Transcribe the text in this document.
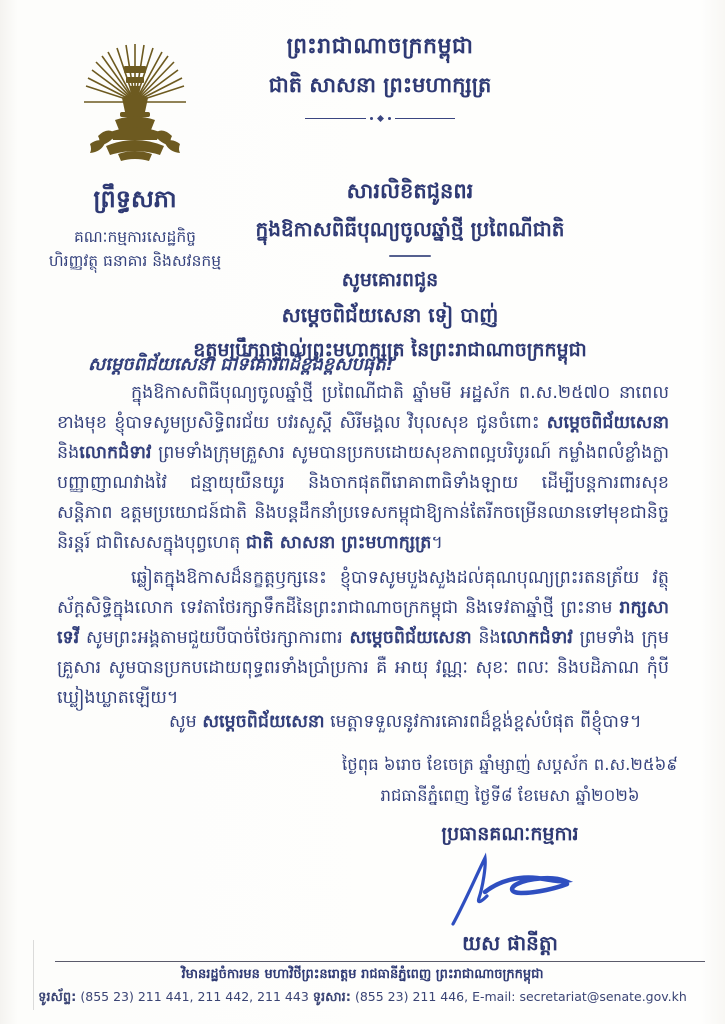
ព្រឹទ្ធសភា
គណៈកម្មការសេដ្ឋកិច្ច
ហិរញ្ញវត្ថុ ធនាគារ និងសវនកម្ម
ព្រះរាជាណាចក្រកម្ពុជា
ជាតិ សាសនា ព្រះមហាក្សត្រ
សារលិខិតជូនពរ
ក្នុងឱកាសពិធីបុណ្យចូលឆ្នាំថ្មី ប្រពៃណីជាតិ
សូមគោរពជូន
សម្តេចពិជ័យសេនា ទៀ បាញ់
ឧត្តមប្រឹក្សាផ្ទាល់ព្រះមហាក្សត្រ នៃព្រះរាជាណាចក្រកម្ពុជា
សម្តេចពិជ័យសេនា ជាទីគោរពដ៏ខ្ពង់ខ្ពស់បំផុត!
ក្នុងឱកាសពិធីបុណ្យចូលឆ្នាំថ្មី ប្រពៃណីជាតិ ឆ្នាំមមី អដ្ឋស័ក ព.ស.២៥៧០ នាពេលខាងមុខ ខ្ញុំបាទសូមប្រសិទ្ធិពរជ័យ បវរសួស្ដី សិរីមង្គល វិបុលសុខ ជូនចំពោះ សម្តេចពិជ័យសេនា និងលោកជំទាវ ព្រមទាំងក្រុមគ្រួសារ សូមបានប្រកបដោយសុខភាពល្អបរិបូរណ៍ កម្លាំងពលំខ្លាំងក្លា បញ្ញាញាណវាងវៃ ជន្មាយុយឺនយូរ និងចាកផុតពីរោគាពាធិទាំងឡាយ ដើម្បីបន្តការពារសុខសន្តិភាព ឧត្តមប្រយោជន៍ជាតិ និងបន្តដឹកនាំប្រទេសកម្ពុជាឱ្យកាន់តែរីកចម្រើនឈានទៅមុខជានិច្ចនិរន្តរ៍ ជាពិសេសក្នុងបុព្វហេតុ ជាតិ សាសនា ព្រះមហាក្សត្រ។
ឆ្លៀតក្នុងឱកាសដ៏នក្ខត្តឫក្សនេះ ខ្ញុំបាទសូមបួងសួងដល់គុណបុណ្យព្រះរតនត្រ័យ វត្ថុស័ក្តសិទ្ធិក្នុងលោក ទេវតាថែរក្សាទឹកដីនៃព្រះរាជាណាចក្រកម្ពុជា និងទេវតាឆ្នាំថ្មី ព្រះនាម រាក្សសាទេវី សូមព្រះអង្គតាមជួយបីបាច់ថែរក្សាការពារ សម្តេចពិជ័យសេនា និងលោកជំទាវ ព្រមទាំង ក្រុមគ្រួសារ សូមបានប្រកបដោយពុទ្ធពរទាំងប្រាំប្រការ គឺ អាយុ វណ្ណៈ សុខៈ ពលៈ និងបដិភាណ កុំបីឃ្លៀងឃ្លាតឡើយ។
សូម សម្តេចពិជ័យសេនា មេត្តាទទួលនូវការគោរពដ៏ខ្ពង់ខ្ពស់បំផុត ពីខ្ញុំបាទ។
ថ្ងៃពុធ ៦រោច ខែចេត្រ ឆ្នាំម្សាញ់ សប្តស័ក ព.ស.២៥៦៩
រាជធានីភ្នំពេញ ថ្ងៃទី៨ ខែមេសា ឆ្នាំ២០២៦
ប្រធានគណៈកម្មការ
យស ផានីត្តា
វិមានរដ្ឋចំការមន មហាវិថីព្រះនរោត្តម រាជធានីភ្នំពេញ ព្រះរាជាណាចក្រកម្ពុជា
ទូរស័ព្ទ: (855 23) 211 441, 211 442, 211 443 ទូរសារ: (855 23) 211 446, E-mail: secretariat@senate.gov.kh
